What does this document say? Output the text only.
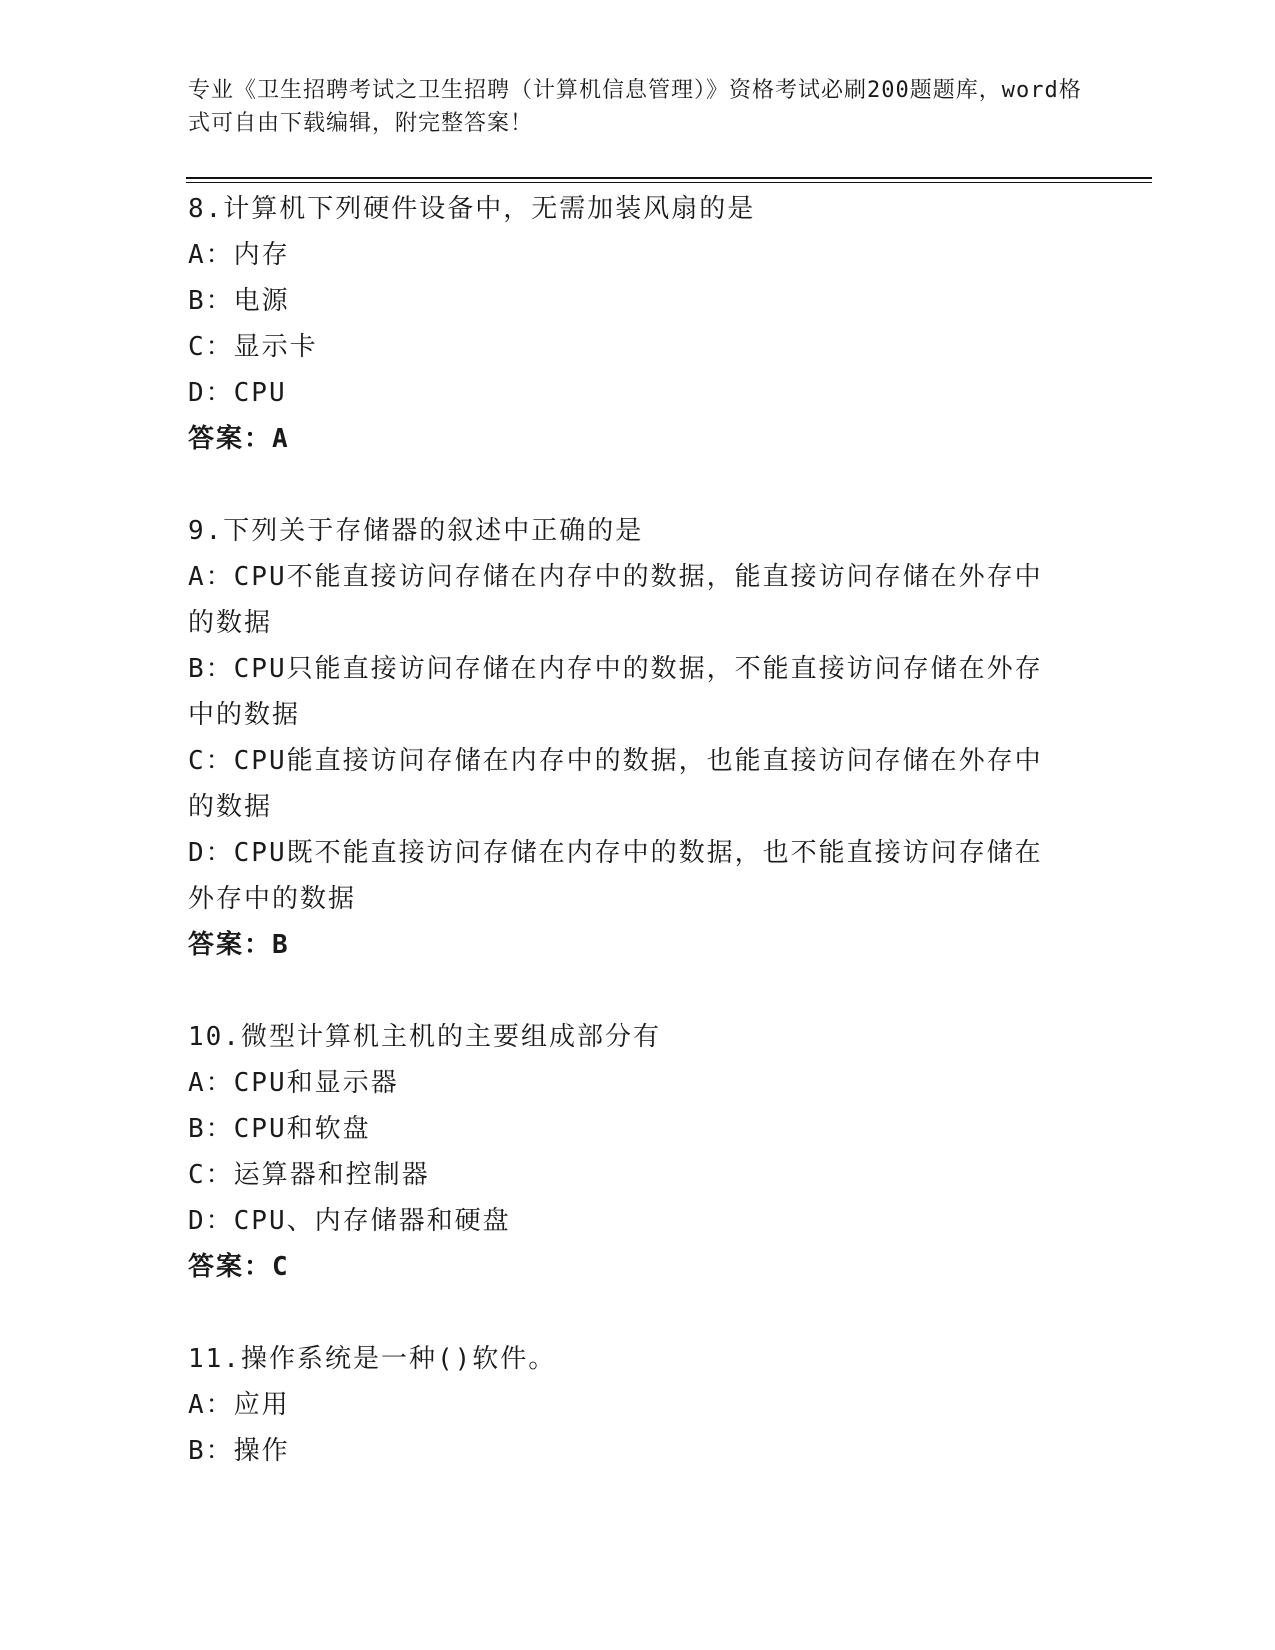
专业《卫生招聘考试之卫生招聘（计算机信息管理）》资格考试必刷200题题库，word格式可自由下载编辑，附完整答案！
8.计算机下列硬件设备中，无需加装风扇的是
A：内存
B：电源
C：显示卡
D：CPU
答案：A
9.下列关于存储器的叙述中正确的是
A：CPU不能直接访问存储在内存中的数据，能直接访问存储在外存中的数据
B：CPU只能直接访问存储在内存中的数据，不能直接访问存储在外存中的数据
C：CPU能直接访问存储在内存中的数据，也能直接访问存储在外存中的数据
D：CPU既不能直接访问存储在内存中的数据，也不能直接访问存储在外存中的数据
答案：B
10.微型计算机主机的主要组成部分有
A：CPU和显示器
B：CPU和软盘
C：运算器和控制器
D：CPU、内存储器和硬盘
答案：C
11.操作系统是一种()软件。
A：应用
B：操作
